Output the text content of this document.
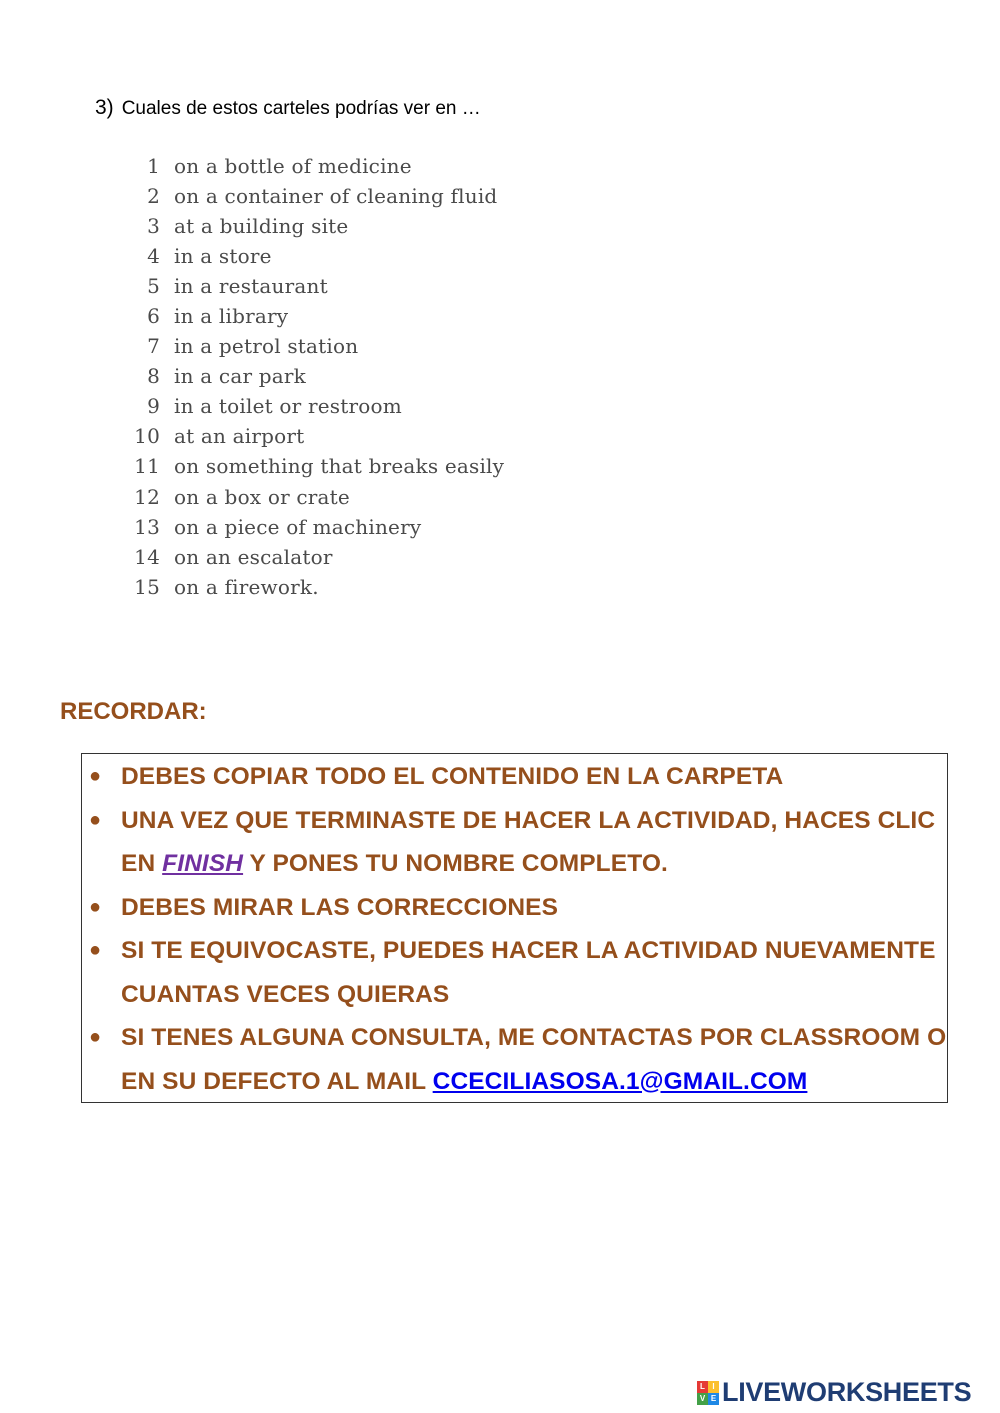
3) Cuales de estos carteles podrías ver en …
1 on a bottle of medicine
2 on a container of cleaning fluid
3 at a building site
4 in a store
5 in a restaurant
6 in a library
7 in a petrol station
8 in a car park
9 in a toilet or restroom
10 at an airport
11 on something that breaks easily
12 on a box or crate
13 on a piece of machinery
14 on an escalator
15 on a firework.
RECORDAR:
● DEBES COPIAR TODO EL CONTENIDO EN LA CARPETA
● UNA VEZ QUE TERMINASTE DE HACER LA ACTIVIDAD, HACES CLIC EN FINISH Y PONES TU NOMBRE COMPLETO.
● DEBES MIRAR LAS CORRECCIONES
● SI TE EQUIVOCASTE, PUEDES HACER LA ACTIVIDAD NUEVAMENTE CUANTAS VECES QUIERAS
● SI TENES ALGUNA CONSULTA, ME CONTACTAS POR CLASSROOM O EN SU DEFECTO AL MAIL CCECILIASOSA.1@GMAIL.COM
L I
V E LIVEWORKSHEETS
